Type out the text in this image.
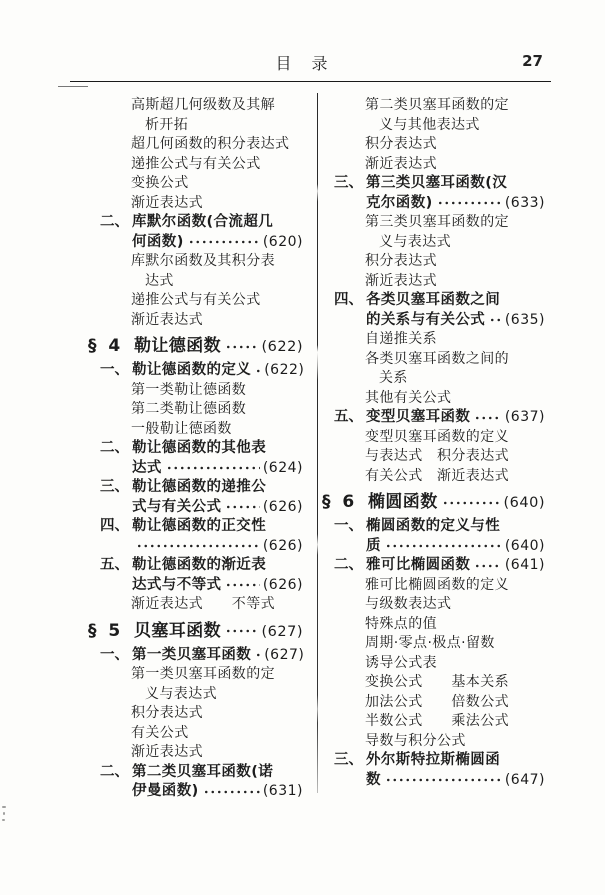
目　录	27
高斯超几何级数及其解
析开拓
超几何函数的积分表达式
递推公式与有关公式
变换公式
渐近表达式
二、 库默尔函数(合流超几
何函数)	(620)
库默尔函数及其积分表
达式
递推公式与有关公式
渐近表达式
§ 4 勒让德函数	(622)
一、 勒让德函数的定义 (622)
第一类勒让德函数
第二类勒让德函数
一般勒让德函数
二、 勒让德函数的其他表
达式	(624)
三、 勒让德函数的递推公
式与有关公式	(626)
四、 勒让德函数的正交性
(626)
五、 勒让德函数的渐近表
达式与不等式	(626)
渐近表达式　　不等式
§ 5 贝塞耳函数	(627)
一、 第一类贝塞耳函数 (627)
第一类贝塞耳函数的定
义与表达式
积分表达式
有关公式
渐近表达式
二、 第二类贝塞耳函数(诺
伊曼函数)	(631)
第二类贝塞耳函数的定
义与其他表达式
积分表达式
渐近表达式
三、 第三类贝塞耳函数(汉
克尔函数)	(633)
第三类贝塞耳函数的定
义与表达式
积分表达式
渐近表达式
四、 各类贝塞耳函数之间
的关系与有关公式 (635)
自递推关系
各类贝塞耳函数之间的
关系
其他有关公式
五、 变型贝塞耳函数 (637)
变型贝塞耳函数的定义
与表达式　积分表达式
有关公式　渐近表达式
§ 6 椭圆函数	(640)
一、 椭圆函数的定义与性
质	(640)
二、 雅可比椭圆函数 (641)
雅可比椭圆函数的定义
与级数表达式
特殊点的值
周期·零点·极点·留数
诱导公式表
变换公式　　基本关系
加法公式　　倍数公式
半数公式　　乘法公式
导数与积分公式
三、 外尔斯特拉斯椭圆函
数	(647)
